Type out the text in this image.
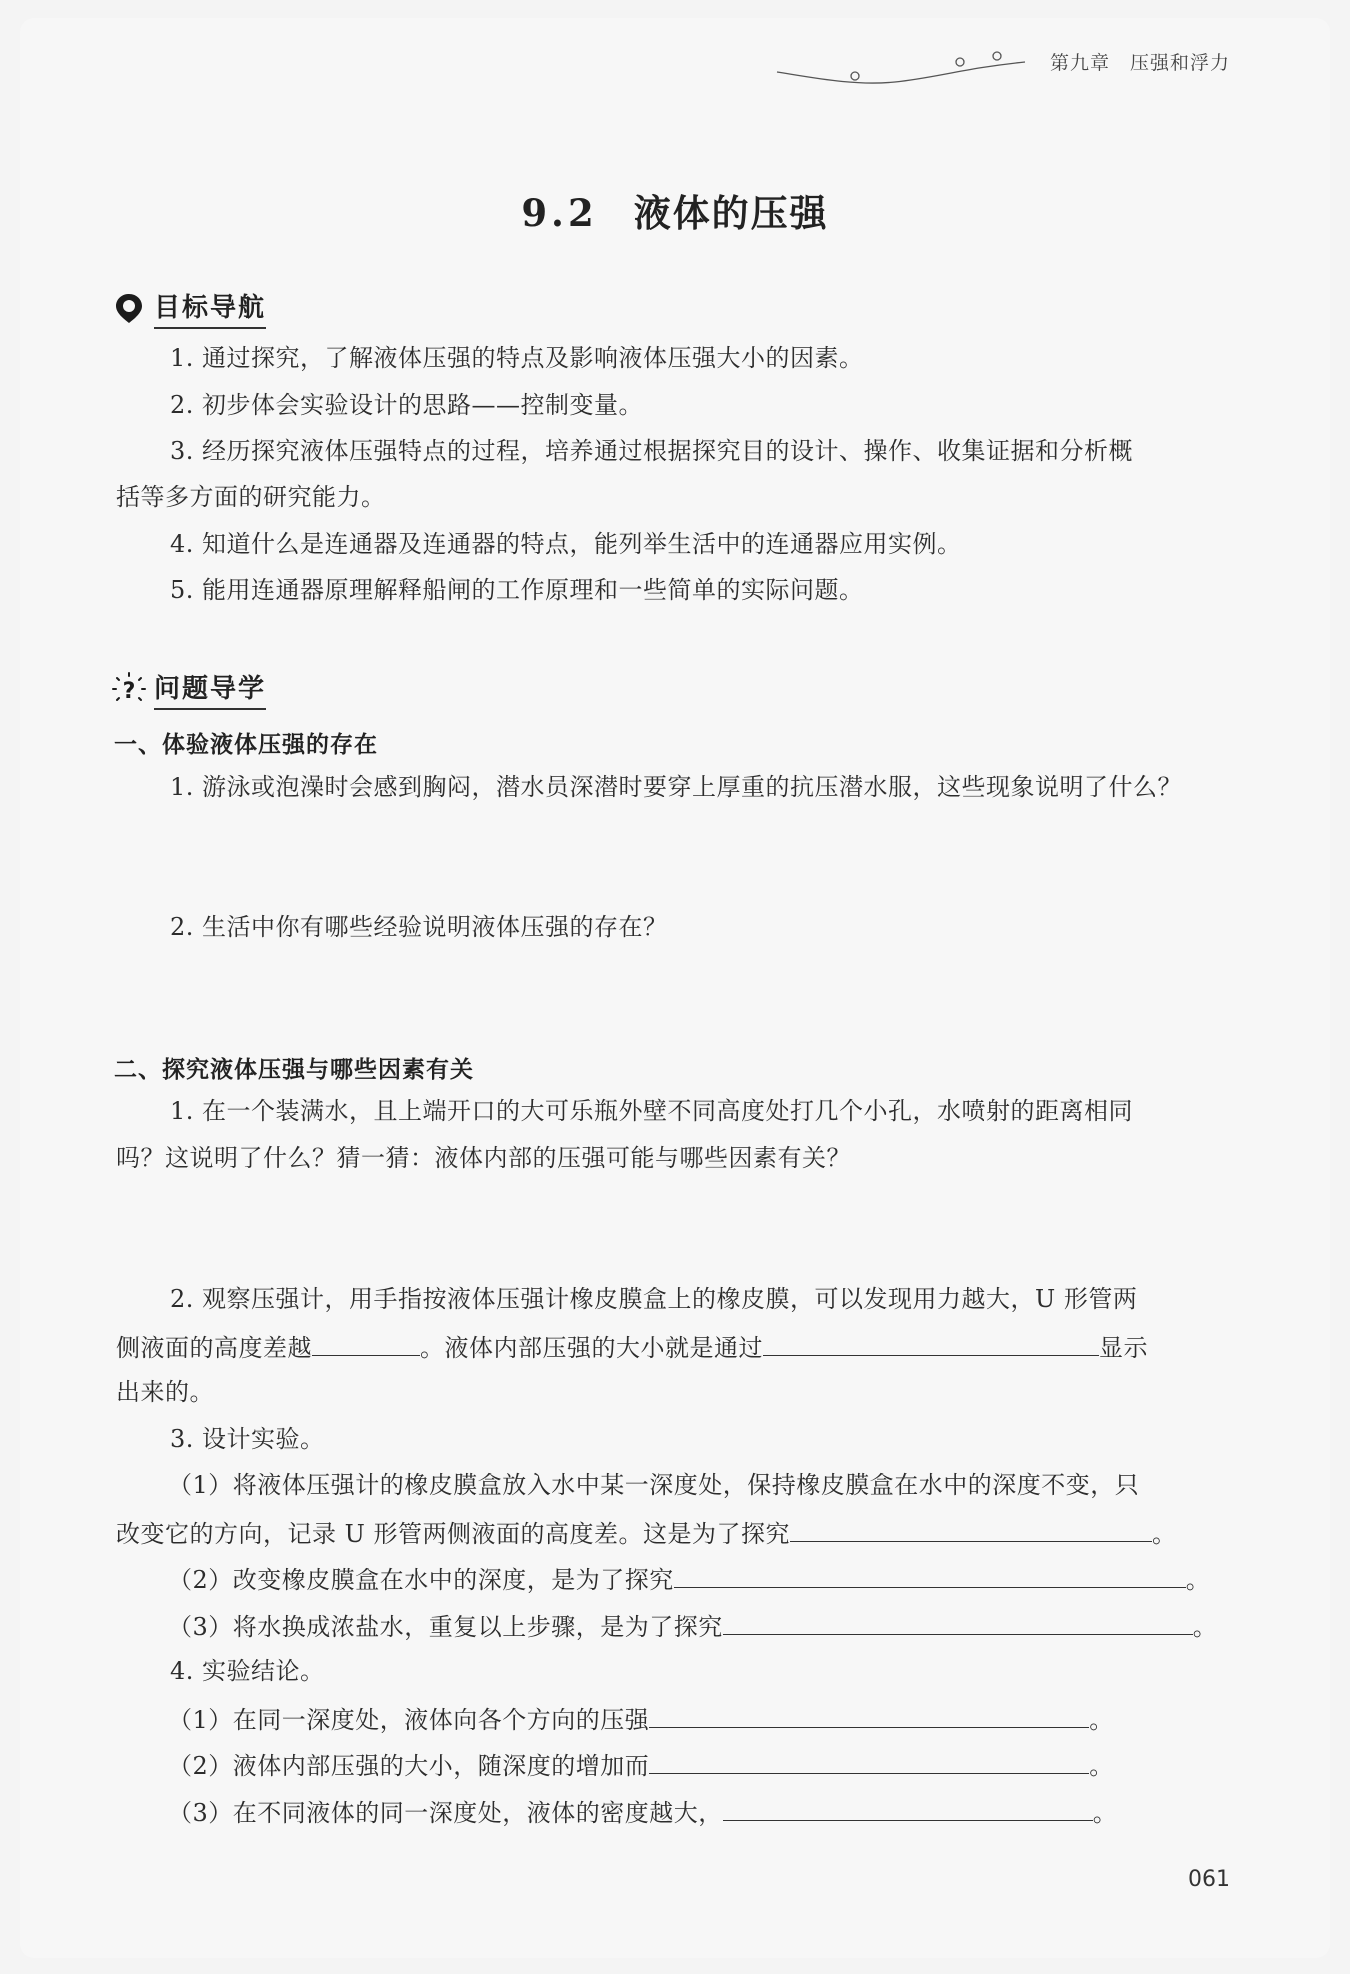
第九章 压强和浮力
9.2 液体的压强
目标导航
1. 通过探究，了解液体压强的特点及影响液体压强大小的因素。
2. 初步体会实验设计的思路——控制变量。
3. 经历探究液体压强特点的过程，培养通过根据探究目的设计、操作、收集证据和分析概
括等多方面的研究能力。
4. 知道什么是连通器及连通器的特点，能列举生活中的连通器应用实例。
5. 能用连通器原理解释船闸的工作原理和一些简单的实际问题。
? 问题导学
一、体验液体压强的存在
1. 游泳或泡澡时会感到胸闷，潜水员深潜时要穿上厚重的抗压潜水服，这些现象说明了什么？
2. 生活中你有哪些经验说明液体压强的存在？
二、探究液体压强与哪些因素有关
1. 在一个装满水，且上端开口的大可乐瓶外壁不同高度处打几个小孔，水喷射的距离相同
吗？这说明了什么？猜一猜：液体内部的压强可能与哪些因素有关？
2. 观察压强计，用手指按液体压强计橡皮膜盒上的橡皮膜，可以发现用力越大，U 形管两
侧液面的高度差越	。液体内部压强的大小就是通过	显示
出来的。
3. 设计实验。
（1）将液体压强计的橡皮膜盒放入水中某一深度处，保持橡皮膜盒在水中的深度不变，只
改变它的方向，记录 U 形管两侧液面的高度差。这是为了探究	。
（2）改变橡皮膜盒在水中的深度，是为了探究	。
（3）将水换成浓盐水，重复以上步骤，是为了探究	。
4. 实验结论。
（1）在同一深度处，液体向各个方向的压强	。
（2）液体内部压强的大小，随深度的增加而	。
（3）在不同液体的同一深度处，液体的密度越大，	。
061
